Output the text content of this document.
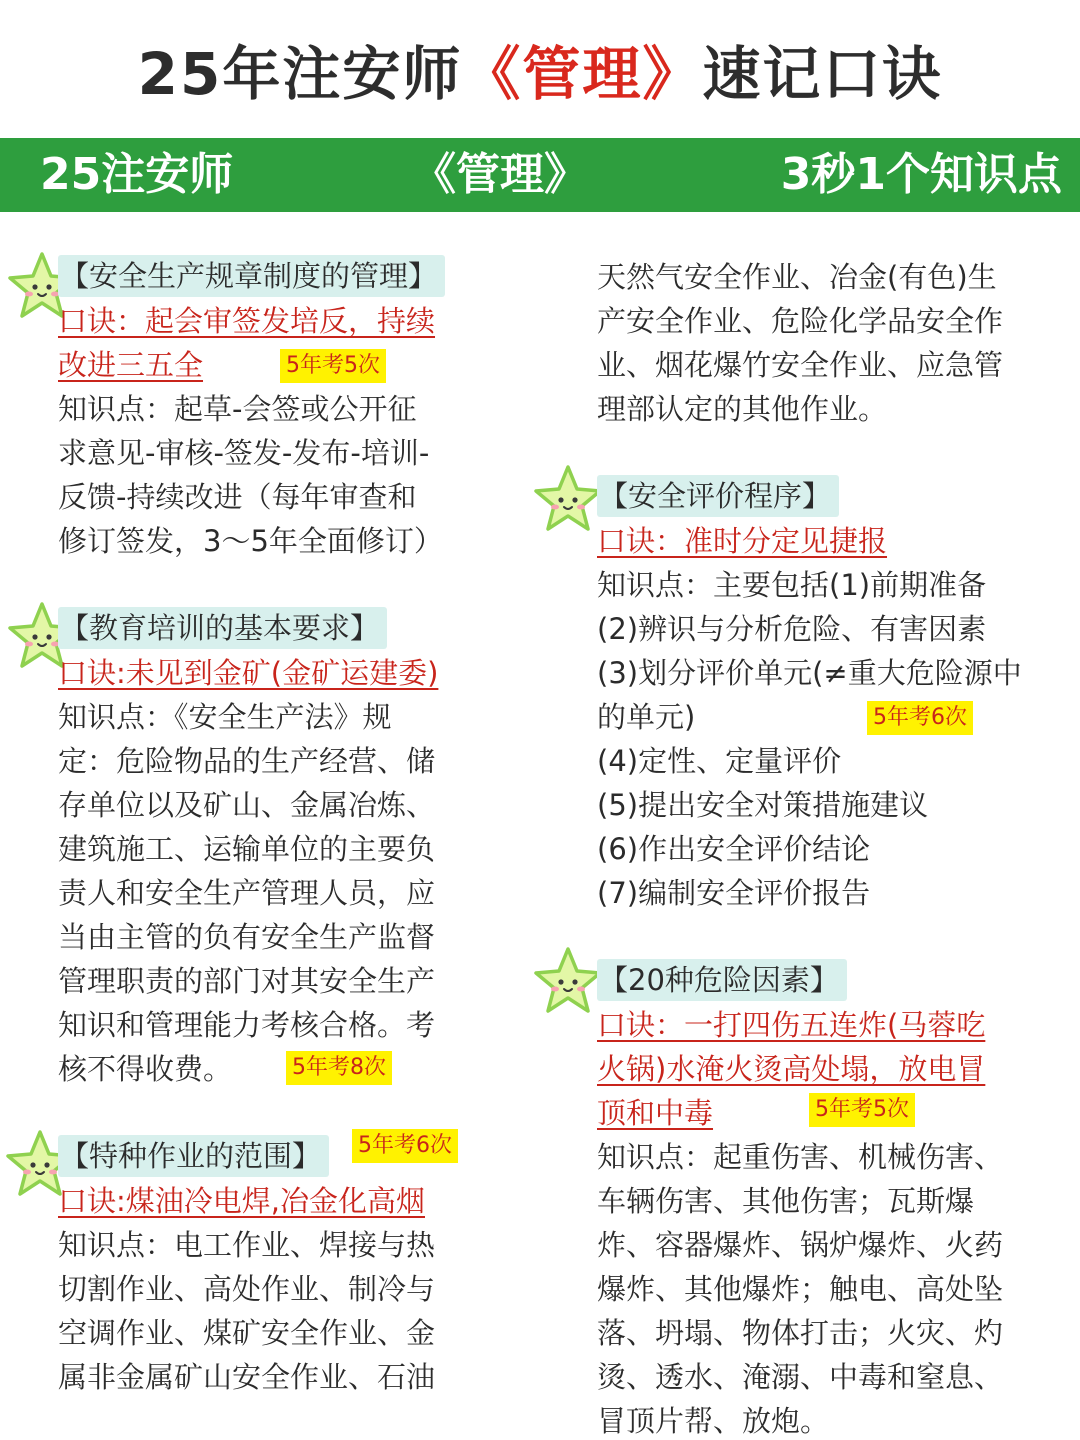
25年注安师《管理》速记口诀
25注安师	《管理》	3秒1个知识点
【安全生产规章制度的管理】
口诀：起会审签发培反，持续
改进三五全	5年考5次
知识点：起草-会签或公开征
求意见-审核-签发-发布-培训-
反馈-持续改进（每年审查和
修订签发，3～5年全面修订）
【教育培训的基本要求】
口诀:未见到金矿(金矿运建委)
知识点：《安全生产法》规
定：危险物品的生产经营、储
存单位以及矿山、金属冶炼、
建筑施工、运输单位的主要负
责人和安全生产管理人员，应
当由主管的负有安全生产监督
管理职责的部门对其安全生产
知识和管理能力考核合格。考
核不得收费。	5年考8次
【特种作业的范围】 5年考6次
口诀:煤油冷电焊,冶金化高烟
知识点：电工作业、焊接与热
切割作业、高处作业、制冷与
空调作业、煤矿安全作业、金
属非金属矿山安全作业、石油
天然气安全作业、冶金(有色)生
产安全作业、危险化学品安全作
业、烟花爆竹安全作业、应急管
理部认定的其他作业。
【安全评价程序】
口诀：准时分定见捷报
知识点：主要包括(1)前期准备
(2)辨识与分析危险、有害因素
(3)划分评价单元(≠重大危险源中
的单元)	5年考6次
(4)定性、定量评价
(5)提出安全对策措施建议
(6)作出安全评价结论
(7)编制安全评价报告
【20种危险因素】
口诀：一打四伤五连炸(马蓉吃
火锅)水淹火烫高处塌，放电冒
顶和中毒	5年考5次
知识点：起重伤害、机械伤害、
车辆伤害、其他伤害；瓦斯爆
炸、容器爆炸、锅炉爆炸、火药
爆炸、其他爆炸；触电、高处坠
落、坍塌、物体打击；火灾、灼
烫、透水、淹溺、中毒和窒息、
冒顶片帮、放炮。
